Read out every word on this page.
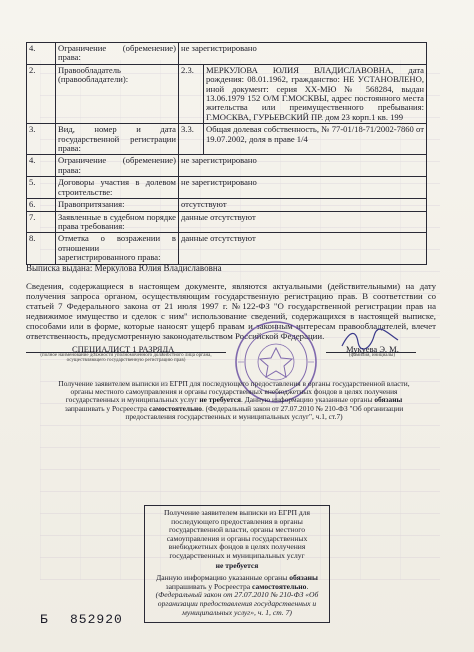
4.	Ограничение (обременение) права:	не зарегистрировано	
2.	Правообладатель (правообладатели):	2.3.	МЕРКУЛОВА ЮЛИЯ ВЛАДИСЛАВОВНА, дата рождения: 08.01.1962, гражданство: НЕ УСТАНОВЛЕНО, иной документ: серия XX-МЮ № 568284, выдан 13.06.1979 152 О/М Г.МОСКВЫ, адрес постоянного места жительства или преимущественного пребывания: Г.МОСКВА, ГУРЬЕВСКИЙ ПР. дом 23 корп.1 кв. 199
3.	Вид, номер и дата государственной регистрации права:	3.3.	Общая долевая собственность, № 77-01/18-71/2002-7860 от 19.07.2002, доля в праве 1/4
4.	Ограничение (обременение) права:	не зарегистрировано	
5.	Договоры участия в долевом строительстве:	не зарегистрировано	
6.	Правопритязания:	отсутствуют	
7.	Заявленные в судебном порядке права требования:	данные отсутствуют	
8.	Отметка о возражении в отношении зарегистрированного права:	данные отсутствуют	
Выписка выдана: Меркулова Юлия Владиславовна
Сведения, содержащиеся в настоящем документе, являются актуальными (действительными) на дату получения запроса органом, осуществляющим государственную регистрацию прав. В соответствии со статьей 7 Федерального закона от 21 июля 1997 г. №122-ФЗ "О государственной регистрации прав на недвижимое имущество и сделок с ним" использование сведений, содержащихся в настоящей выписке, способами или в форме, которые наносят ущерб правам и законным интересам правообладателей, влечет ответственность, предусмотренную законодательством Российской Федерации.
СПЕЦИАЛИСТ 1 РАЗРЯДА
(полное наименование должности уполномоченного должностного лица органа, осуществляющего государственную регистрацию прав)
Мукуева Э. М.
(фамилия, инициалы)
Получение заявителем выписки из ЕГРП для последующего предоставления в органы государственной власти, органы местного самоуправления и органы государственных внебюджетных фондов в целях получения государственных и муниципальных услуг не требуется. Данную информацию указанные органы обязаны запрашивать у Росреестра самостоятельно. (Федеральный закон от 27.07.2010 № 210-ФЗ "Об организации предоставления государственных и муниципальных услуг", ч.1, ст.7)
Получение заявителем выписки из ЕГРП для последующего предоставления в органы государственной власти, органы местного самоуправления и органы государственных внебюджетных фондов в целях получения государственных и муниципальных услуг
не требуется
Данную информацию указанные органы обязаны
запрашивать у Росреестра самостоятельно.
(Федеральный закон от 27.07.2010 № 210-ФЗ «Об организации предоставления государственных и муниципальных услуг», ч. 1, ст. 7)
Б 852920
